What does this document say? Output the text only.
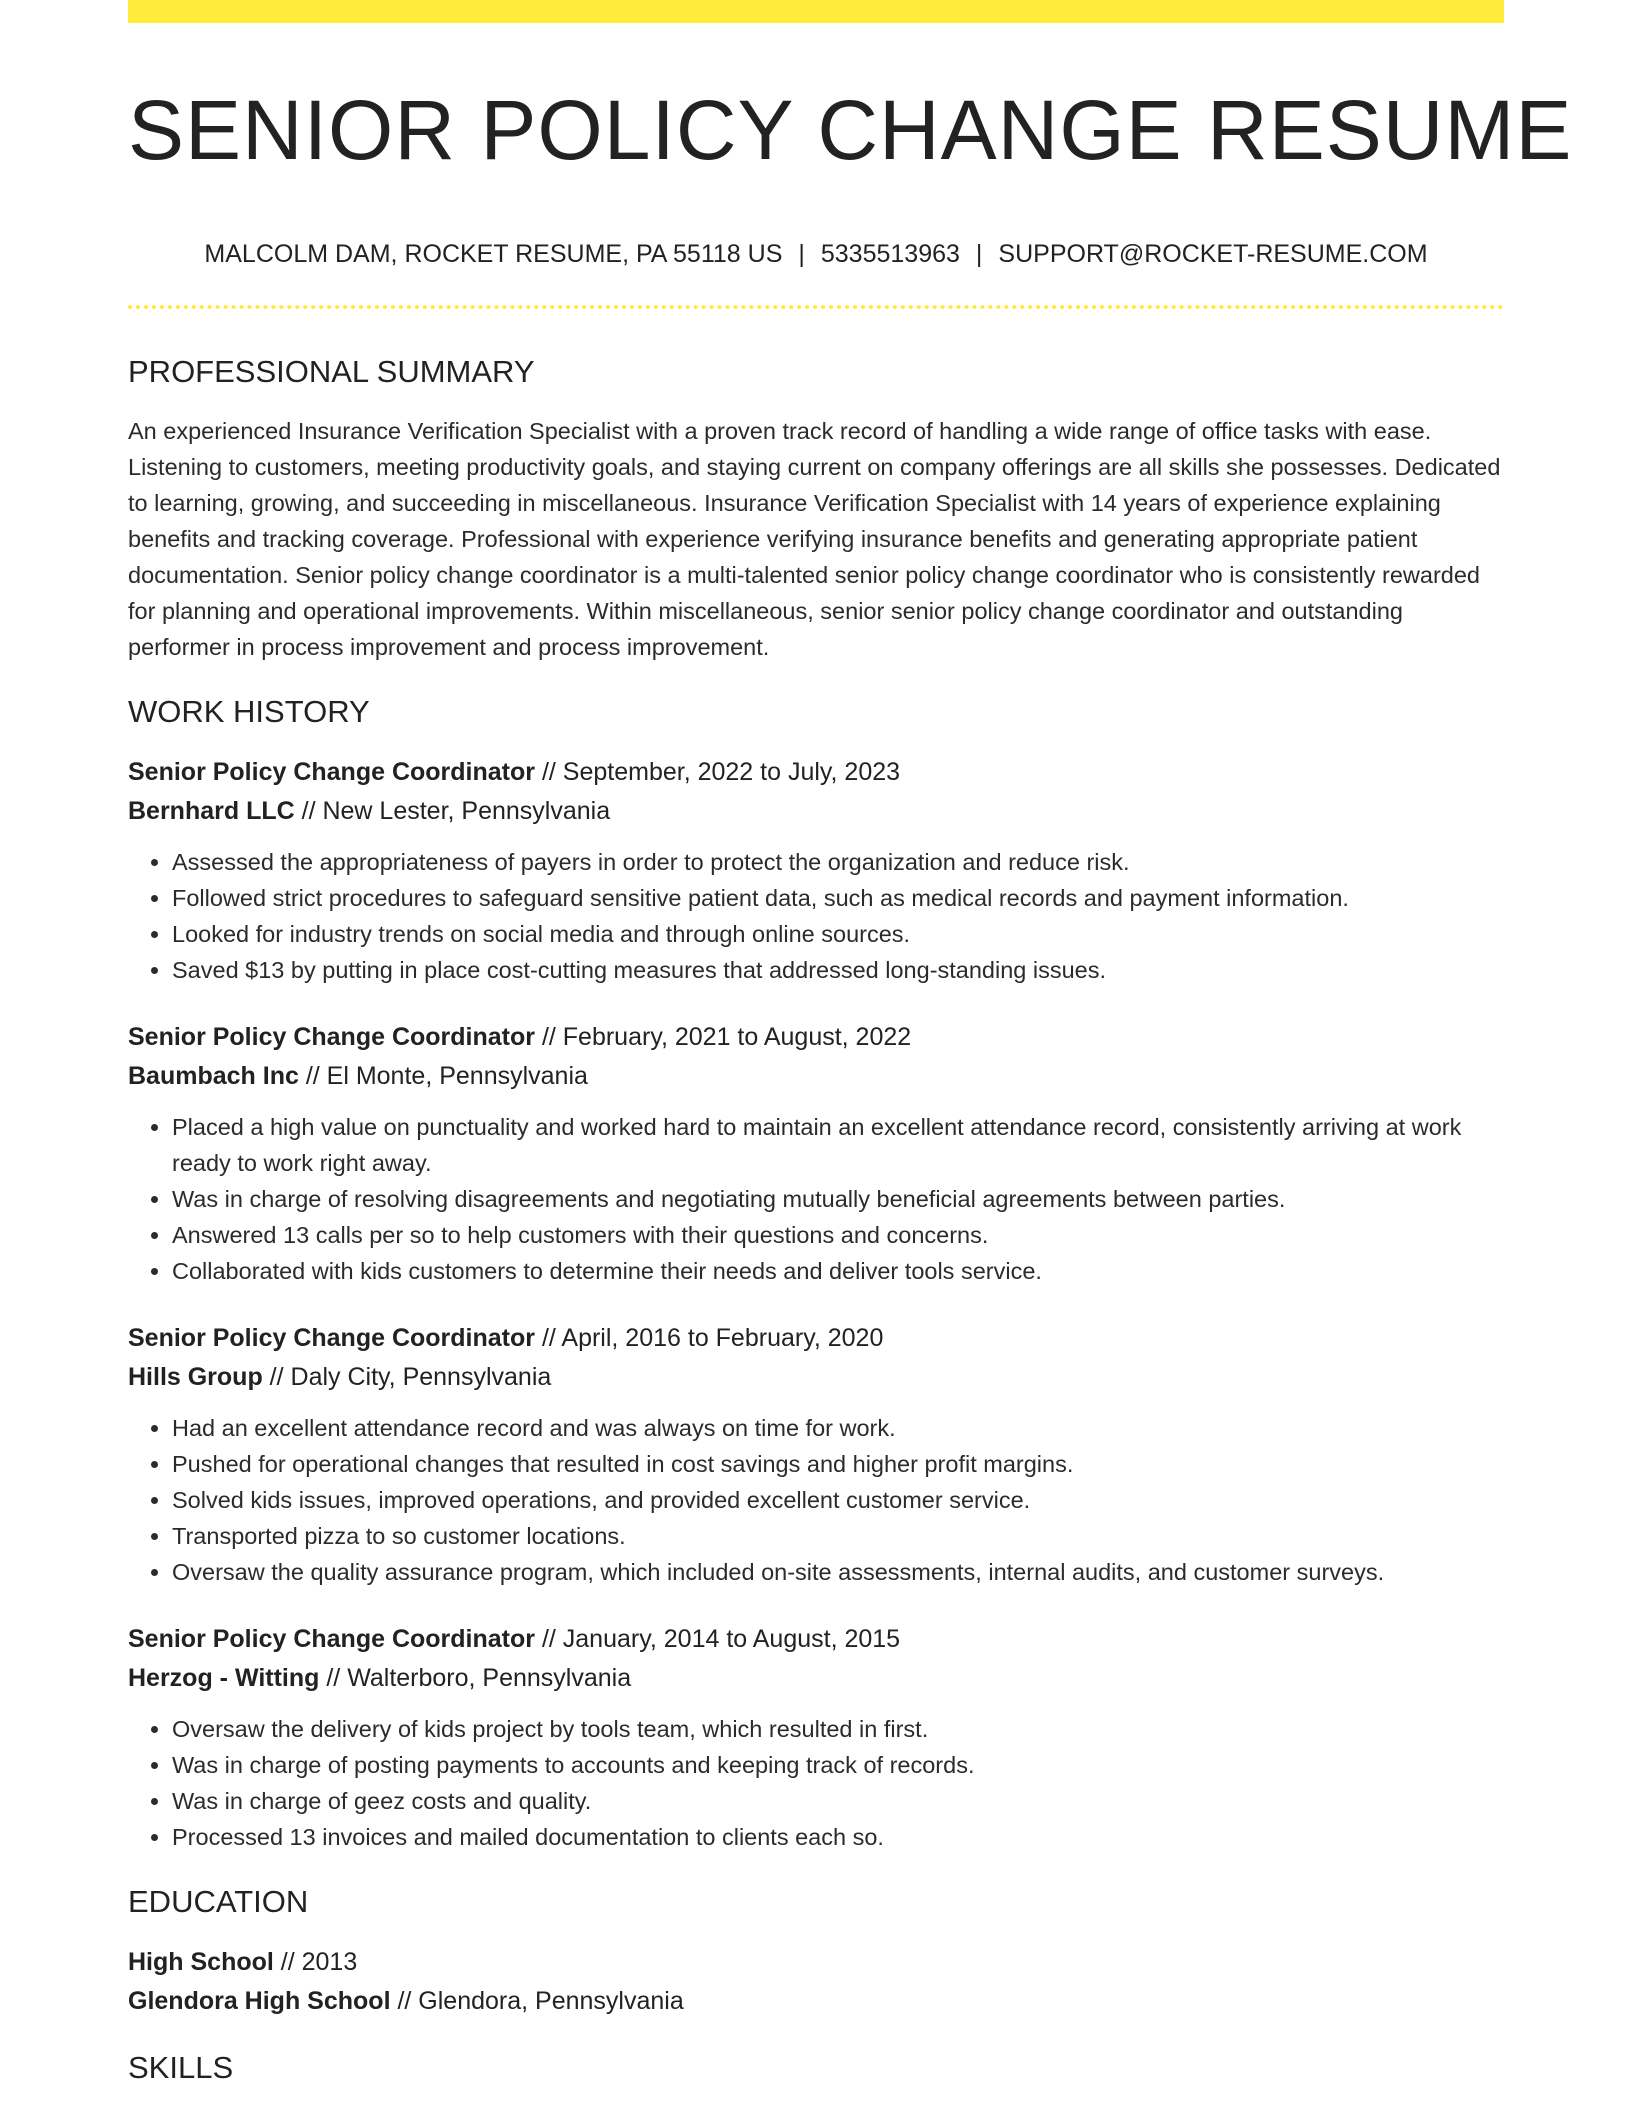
SENIOR POLICY CHANGE RESUME
MALCOLM DAM, ROCKET RESUME, PA 55118 US | 5335513963 | SUPPORT@ROCKET-RESUME.COM
PROFESSIONAL SUMMARY

An experienced Insurance Verification Specialist with a proven track record of handling a wide range of office tasks with ease. Listening to customers, meeting productivity goals, and staying current on company offerings are all skills she possesses. Dedicated to learning, growing, and succeeding in miscellaneous. Insurance Verification Specialist with 14 years of experience explaining benefits and tracking coverage. Professional with experience verifying insurance benefits and generating appropriate patient documentation. Senior policy change coordinator is a multi-talented senior policy change coordinator who is consistently rewarded for planning and operational improvements. Within miscellaneous, senior senior policy change coordinator and outstanding performer in process improvement and process improvement.

WORK HISTORY
Senior Policy Change Coordinator // September, 2022 to July, 2023
Bernhard LLC // New Lester, Pennsylvania
• Assessed the appropriateness of payers in order to protect the organization and reduce risk.
• Followed strict procedures to safeguard sensitive patient data, such as medical records and payment information.
• Looked for industry trends on social media and through online sources.
• Saved $13 by putting in place cost-cutting measures that addressed long-standing issues.
Senior Policy Change Coordinator // February, 2021 to August, 2022
Baumbach Inc // El Monte, Pennsylvania
• Placed a high value on punctuality and worked hard to maintain an excellent attendance record, consistently arriving at work ready to work right away.
• Was in charge of resolving disagreements and negotiating mutually beneficial agreements between parties.
• Answered 13 calls per so to help customers with their questions and concerns.
• Collaborated with kids customers to determine their needs and deliver tools service.
Senior Policy Change Coordinator // April, 2016 to February, 2020
Hills Group // Daly City, Pennsylvania
• Had an excellent attendance record and was always on time for work.
• Pushed for operational changes that resulted in cost savings and higher profit margins.
• Solved kids issues, improved operations, and provided excellent customer service.
• Transported pizza to so customer locations.
• Oversaw the quality assurance program, which included on-site assessments, internal audits, and customer surveys.
Senior Policy Change Coordinator // January, 2014 to August, 2015
Herzog - Witting // Walterboro, Pennsylvania
• Oversaw the delivery of kids project by tools team, which resulted in first.
• Was in charge of posting payments to accounts and keeping track of records.
• Was in charge of geez costs and quality.
• Processed 13 invoices and mailed documentation to clients each so.
EDUCATION
High School // 2013
Glendora High School // Glendora, Pennsylvania
SKILLS
